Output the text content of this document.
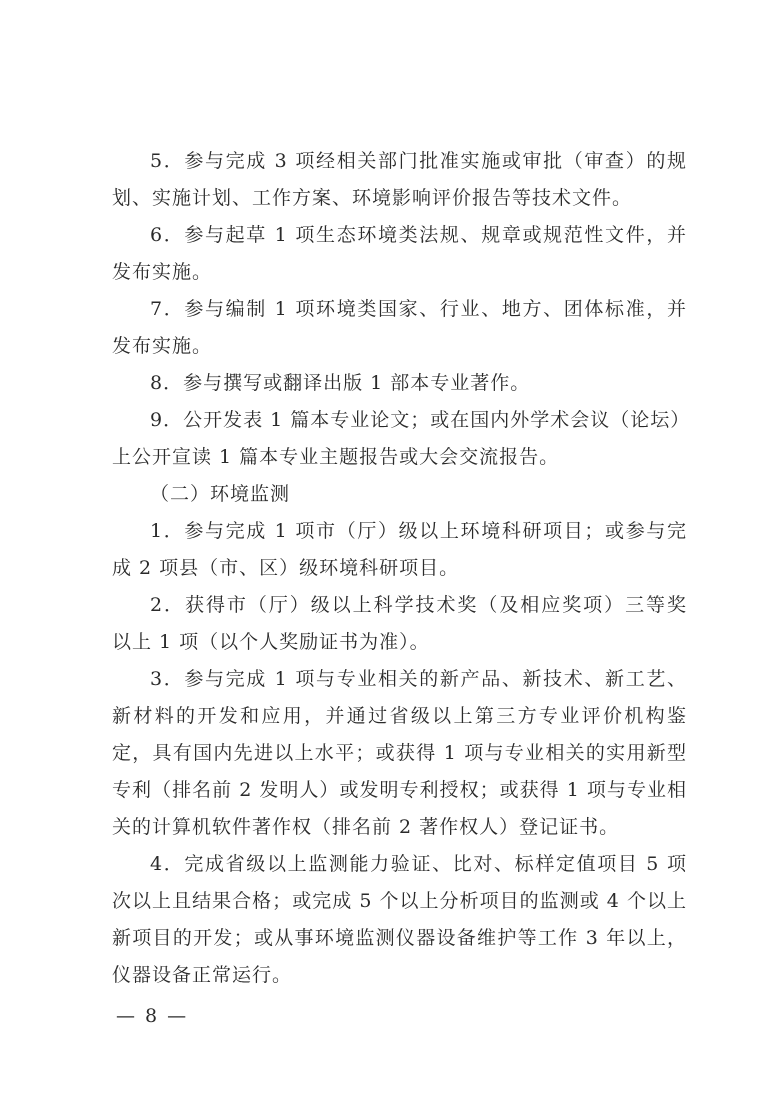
5．参与完成 3 项经相关部门批准实施或审批（审查）的规
划、实施计划、工作方案、环境影响评价报告等技术文件。
6．参与起草 1 项生态环境类法规、规章或规范性文件，并
发布实施。
7．参与编制 1 项环境类国家、行业、地方、团体标准，并
发布实施。
8．参与撰写或翻译出版 1 部本专业著作。
9．公开发表 1 篇本专业论文；或在国内外学术会议（论坛）
上公开宣读 1 篇本专业主题报告或大会交流报告。
（二）环境监测
1．参与完成 1 项市（厅）级以上环境科研项目；或参与完
成 2 项县（市、区）级环境科研项目。
2．获得市（厅）级以上科学技术奖（及相应奖项）三等奖
以上 1 项（以个人奖励证书为准）。
3．参与完成 1 项与专业相关的新产品、新技术、新工艺、
新材料的开发和应用，并通过省级以上第三方专业评价机构鉴
定，具有国内先进以上水平；或获得 1 项与专业相关的实用新型
专利（排名前 2 发明人）或发明专利授权；或获得 1 项与专业相
关的计算机软件著作权（排名前 2 著作权人）登记证书。
4．完成省级以上监测能力验证、比对、标样定值项目 5 项
次以上且结果合格；或完成 5 个以上分析项目的监测或 4 个以上
新项目的开发；或从事环境监测仪器设备维护等工作 3 年以上，
仪器设备正常运行。
— 8 —
